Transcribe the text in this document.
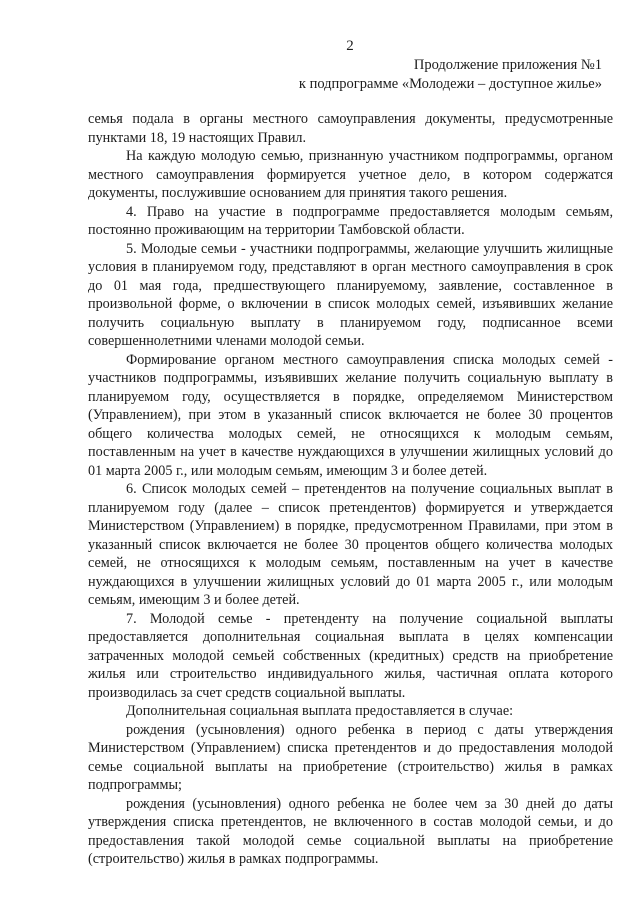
2
Продолжение приложения №1
к подпрограмме «Молодежи – доступное жилье»

семья подала в органы местного самоуправления документы, предусмотренные пунктами 18, 19 настоящих Правил.

На каждую молодую семью, признанную участником подпрограммы, органом местного самоуправления формируется учетное дело, в котором содержатся документы, послужившие основанием для принятия такого решения.

4. Право на участие в подпрограмме предоставляется молодым семьям, постоянно проживающим на территории Тамбовской области.

5. Молодые семьи - участники подпрограммы, желающие улучшить жилищные условия в планируемом году, представляют в орган местного самоуправления в срок до 01 мая года, предшествующего планируемому, заявление, составленное в произвольной форме, о включении в список молодых семей, изъявивших желание получить социальную выплату в планируемом году, подписанное всеми совершеннолетними членами молодой семьи.

Формирование органом местного самоуправления списка молодых семей - участников подпрограммы, изъявивших желание получить социальную выплату в планируемом году, осуществляется в порядке, определяемом Министерством (Управлением), при этом в указанный список включается не более 30 процентов общего количества молодых семей, не относящихся к молодым семьям, поставленным на учет в качестве нуждающихся в улучшении жилищных условий до 01 марта 2005 г., или молодым семьям, имеющим 3 и более детей.

6. Список молодых семей – претендентов на получение социальных выплат в планируемом году (далее – список претендентов) формируется и утверждается Министерством (Управлением) в порядке, предусмотренном Правилами, при этом в указанный список включается не более 30 процентов общего количества молодых семей, не относящихся к молодым семьям, поставленным на учет в качестве нуждающихся в улучшении жилищных условий до 01 марта 2005 г., или молодым семьям, имеющим 3 и более детей.

7. Молодой семье - претенденту на получение социальной выплаты предоставляется дополнительная социальная выплата в целях компенсации затраченных молодой семьей собственных (кредитных) средств на приобретение жилья или строительство индивидуального жилья, частичная оплата которого производилась за счет средств социальной выплаты.

Дополнительная социальная выплата предоставляется в случае:

рождения (усыновления) одного ребенка в период с даты утверждения Министерством (Управлением) списка претендентов и до предоставления молодой семье социальной выплаты на приобретение (строительство) жилья в рамках подпрограммы;

рождения (усыновления) одного ребенка не более чем за 30 дней до даты утверждения списка претендентов, не включенного в состав молодой семьи, и до предоставления такой молодой семье социальной выплаты на приобретение (строительство) жилья в рамках подпрограммы.
